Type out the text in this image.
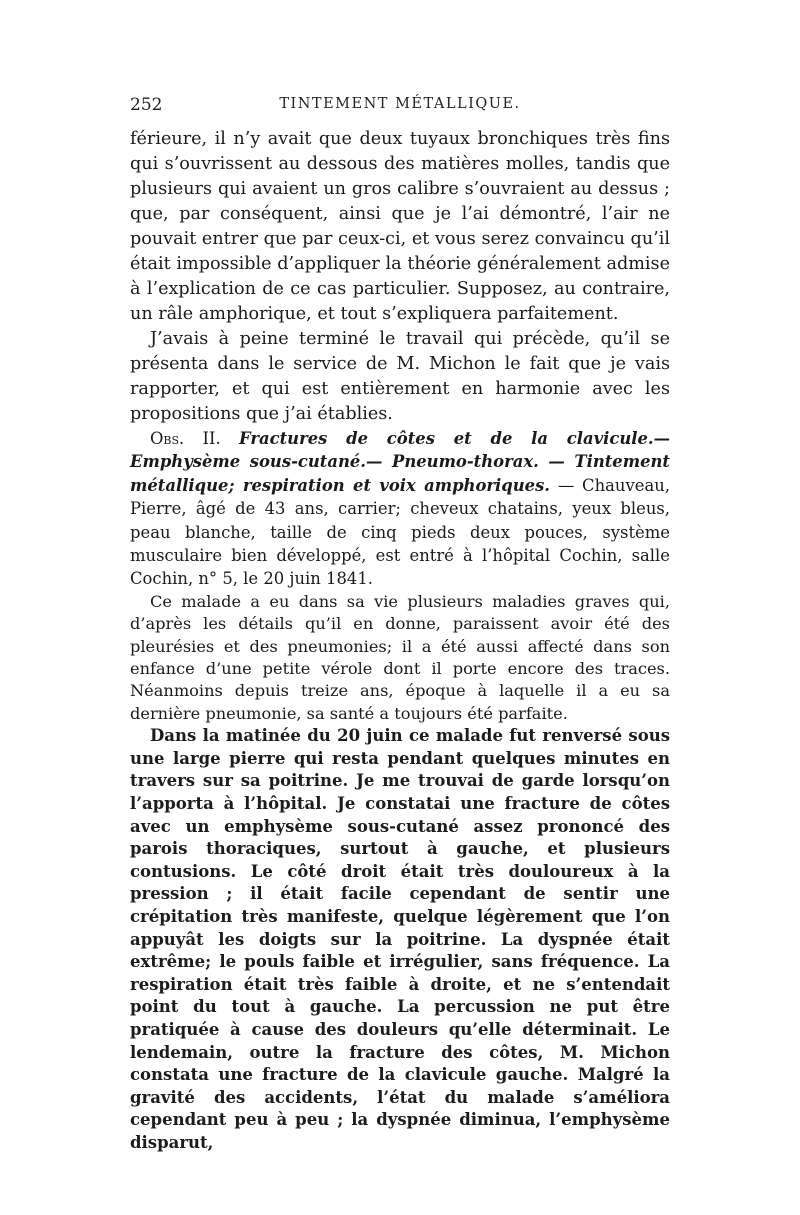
252	TINTEMENT MÉTALLIQUE.

férieure, il n’y avait que deux tuyaux bronchiques très fins qui s’ouvrissent au dessous des matières molles, tandis que plusieurs qui avaient un gros calibre s’ouvraient au dessus ; que, par conséquent, ainsi que je l’ai démontré, l’air ne pouvait entrer que par ceux-ci, et vous serez convaincu qu’il était impossible d’appliquer la théorie généralement admise à l’explication de ce cas particulier. Supposez, au contraire, un râle amphorique, et tout s’expliquera parfaitement.

J’avais à peine terminé le travail qui précède, qu’il se présenta dans le service de M. Michon le fait que je vais rapporter, et qui est entièrement en harmonie avec les propositions que j’ai établies.

Obs. II. Fractures de côtes et de la clavicule.— Emphysème sous-cutané.— Pneumo-thorax. — Tintement métallique; respiration et voix amphoriques. — Chauveau, Pierre, âgé de 43 ans, carrier; cheveux chatains, yeux bleus, peau blanche, taille de cinq pieds deux pouces, système musculaire bien développé, est entré à l’hôpital Cochin, salle Cochin, n° 5, le 20 juin 1841.

Ce malade a eu dans sa vie plusieurs maladies graves qui, d’après les détails qu’il en donne, paraissent avoir été des pleurésies et des pneumonies; il a été aussi affecté dans son enfance d’une petite vérole dont il porte encore des traces. Néanmoins depuis treize ans, époque à laquelle il a eu sa dernière pneumonie, sa santé a toujours été parfaite.

Dans la matinée du 20 juin ce malade fut renversé sous une large pierre qui resta pendant quelques minutes en travers sur sa poitrine. Je me trouvai de garde lorsqu’on l’apporta à l’hôpital. Je constatai une fracture de côtes avec un emphysème sous-cutané assez prononcé des parois thoraciques, surtout à gauche, et plusieurs contusions. Le côté droit était très douloureux à la pression ; il était facile cependant de sentir une crépitation très manifeste, quelque légèrement que l’on appuyât les doigts sur la poitrine. La dyspnée était extrême; le pouls faible et irrégulier, sans fréquence. La respiration était très faible à droite, et ne s’entendait point du tout à gauche. La percussion ne put être pratiquée à cause des douleurs qu’elle déterminait. Le lendemain, outre la fracture des côtes, M. Michon constata une fracture de la clavicule gauche. Malgré la gravité des accidents, l’état du malade s’améliora cependant peu à peu ; la dyspnée diminua, l’emphysème disparut,
